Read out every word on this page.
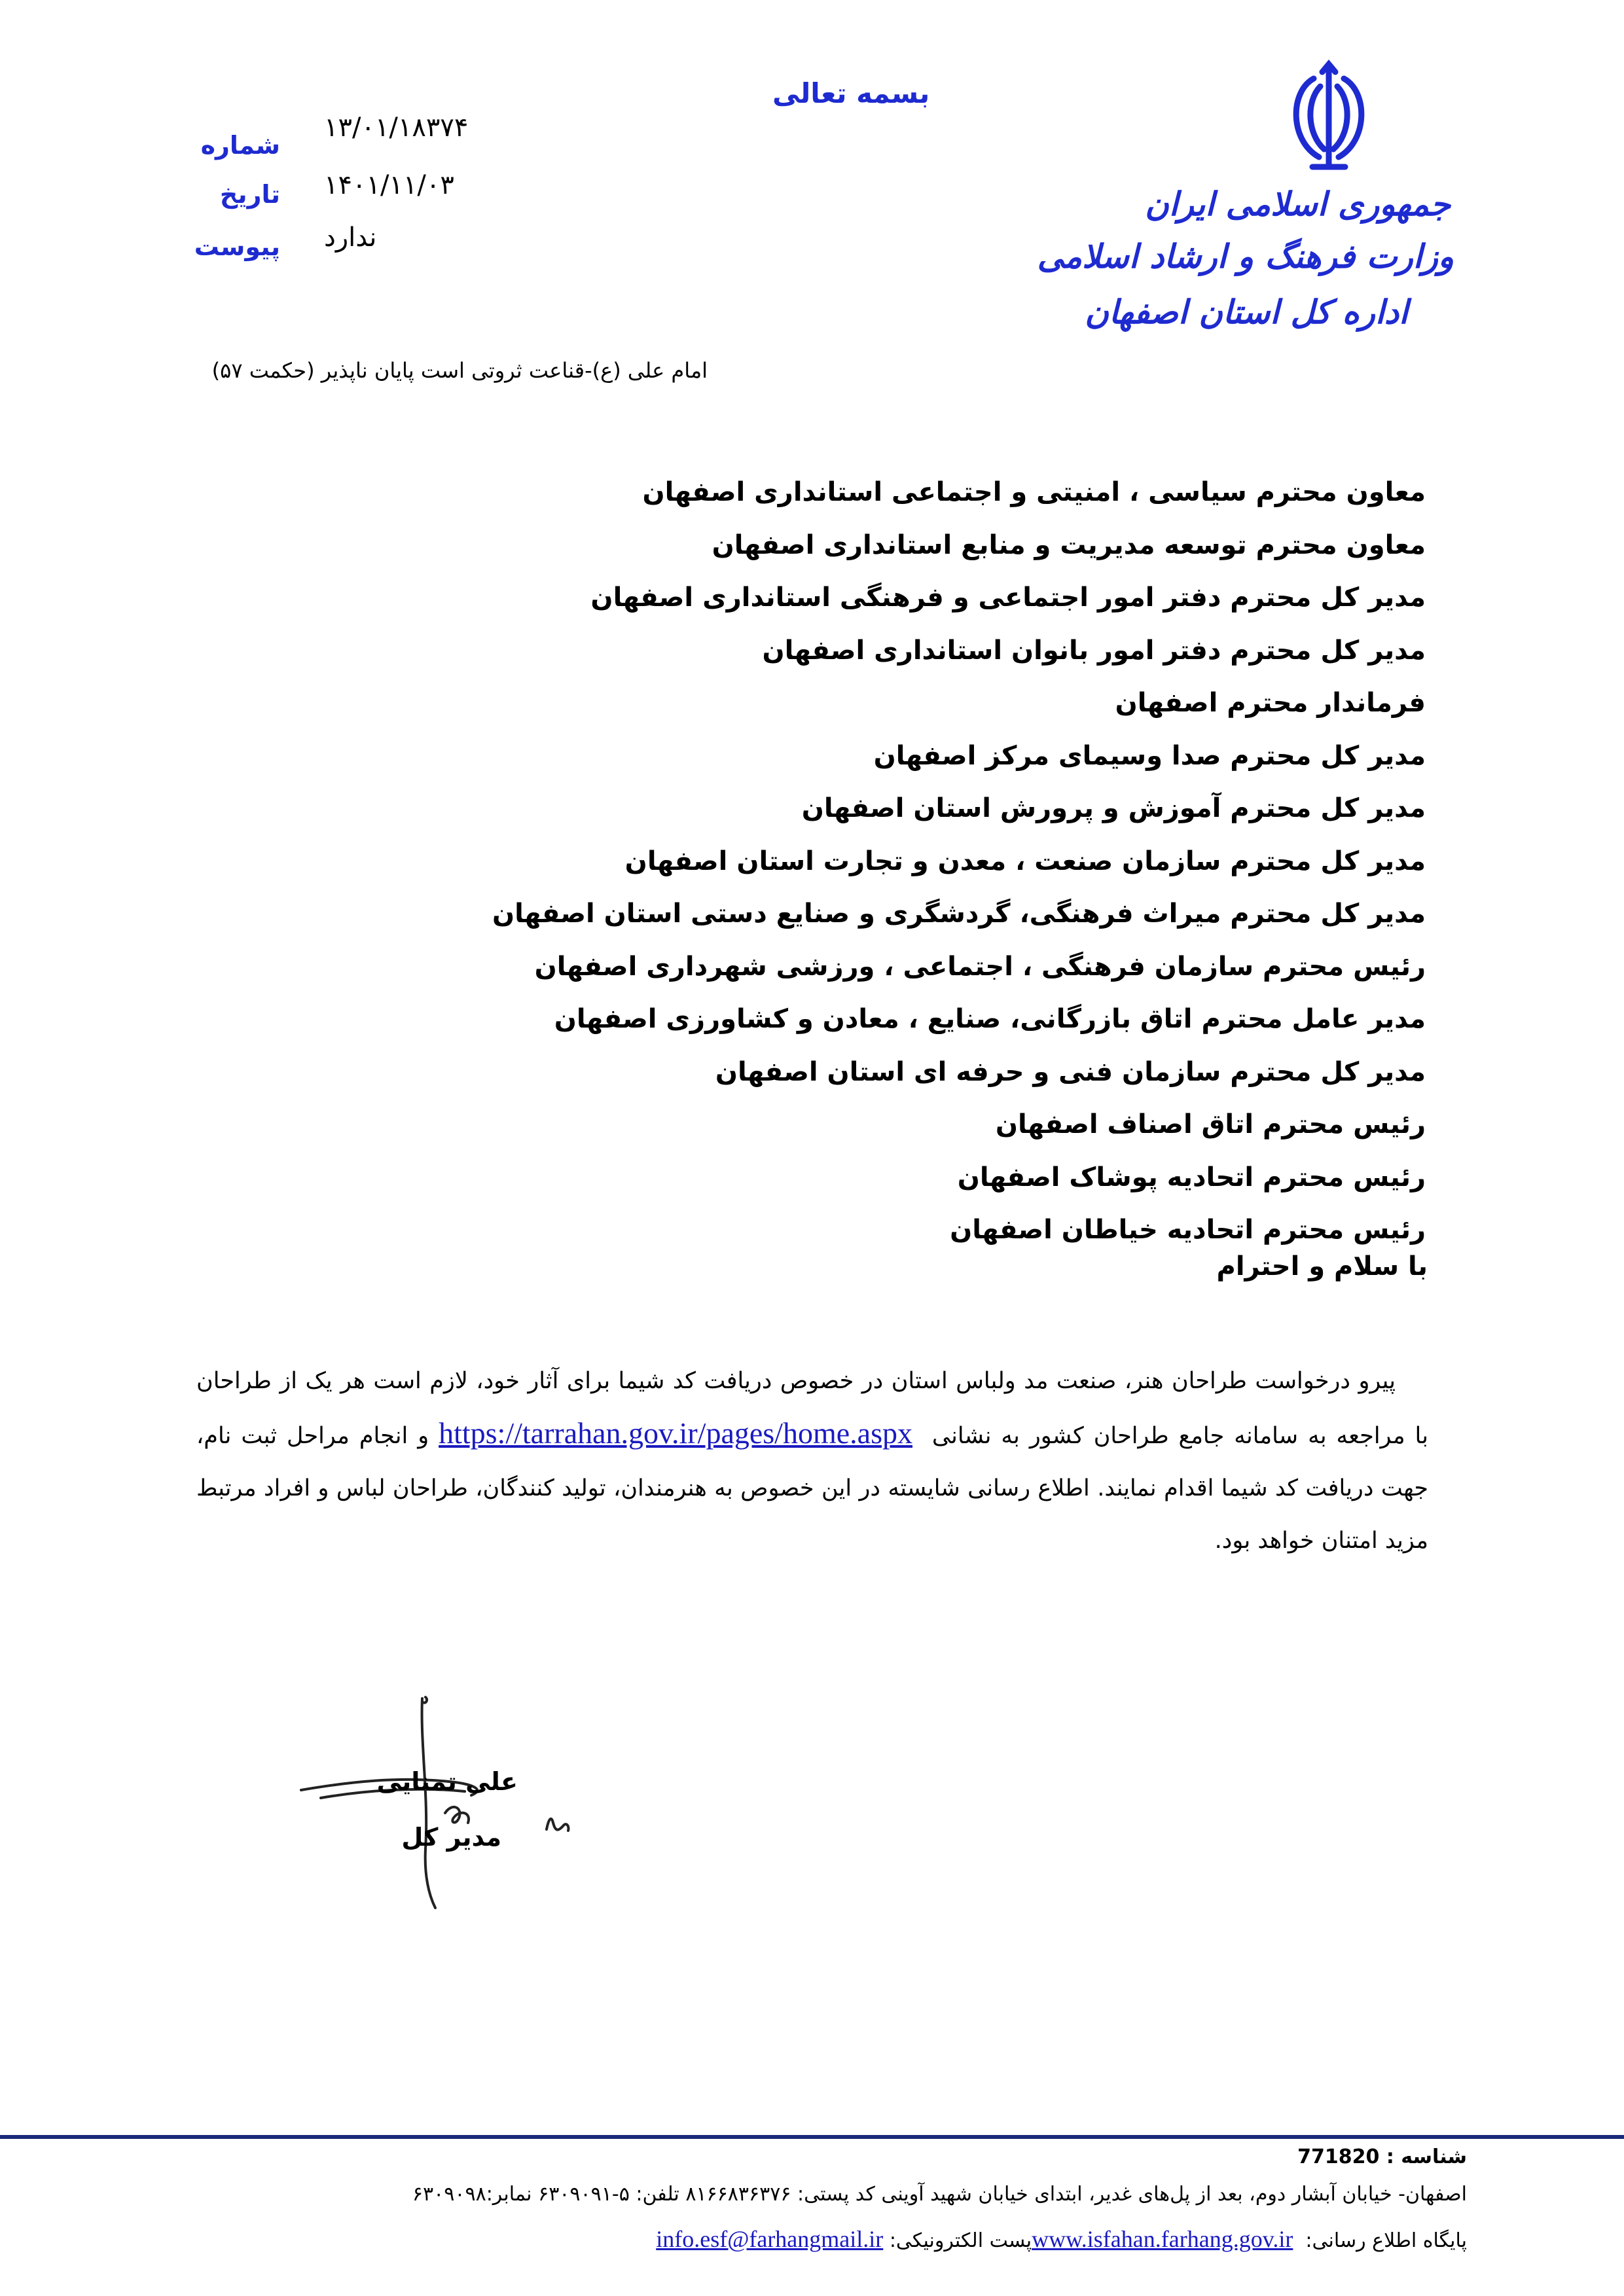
بسمه تعالی
جمهوری اسلامی ایران
وزارت فرهنگ و ارشاد اسلامی
اداره کل استان اصفهان
شماره
تاریخ
پیوست
۱۳/۰۱/۱۸۳۷۴
۱۴۰۱/۱۱/۰۳
ندارد
امام علی (ع)-قناعت ثروتی است پایان ناپذیر (حکمت ۵۷)
معاون محترم سیاسی ، امنیتی و اجتماعی استانداری اصفهان
معاون محترم توسعه مدیریت و منابع استانداری اصفهان
مدیر کل محترم دفتر امور اجتماعی و فرهنگی استانداری اصفهان
مدیر کل محترم دفتر امور بانوان استانداری اصفهان
فرماندار محترم اصفهان
مدیر کل محترم صدا وسیمای مرکز اصفهان
مدیر کل محترم آموزش و پرورش استان اصفهان
مدیر کل محترم سازمان صنعت ، معدن و تجارت استان اصفهان
مدیر کل محترم میراث فرهنگی، گردشگری و صنایع دستی استان اصفهان
رئیس محترم سازمان فرهنگی ، اجتماعی ، ورزشی شهرداری اصفهان
مدیر عامل محترم اتاق بازرگانی، صنایع ، معادن و کشاورزی اصفهان
مدیر کل محترم سازمان فنی و حرفه ای استان اصفهان
رئیس محترم اتاق اصناف اصفهان
رئیس محترم اتحادیه پوشاک اصفهان
رئیس محترم اتحادیه خیاطان اصفهان
با سلام و احترام
پیرو درخواست طراحان هنر، صنعت مد ولباس استان در خصوص دریافت کد شیما برای آثار خود، لازم است هر یک از طراحان با مراجعه به سامانه جامع طراحان کشور به نشانی  https://tarrahan.gov.ir/pages/home.aspx و انجام مراحل ثبت نام، جهت دریافت کد شیما اقدام نمایند. اطلاع رسانی شایسته در این خصوص به هنرمندان، تولید کنندگان، طراحان لباس و افراد مرتبط مزید امتنان خواهد بود.
علی تمنایی
مدیر کل
شناسه : 771820
اصفهان- خیابان آبشار دوم، بعد از پل‌های غدیر، ابتدای خیابان شهید آوینی کد پستی: ۸۱۶۶۸۳۶۳۷۶ تلفن: ۵-۶۳۰۹۰۹۱ نمابر:۶۳۰۹۰۹۸
پایگاه اطلاع رسانی:  www.isfahan.farhang.gov.irپست الکترونیکی: info.esf@farhangmail.ir
